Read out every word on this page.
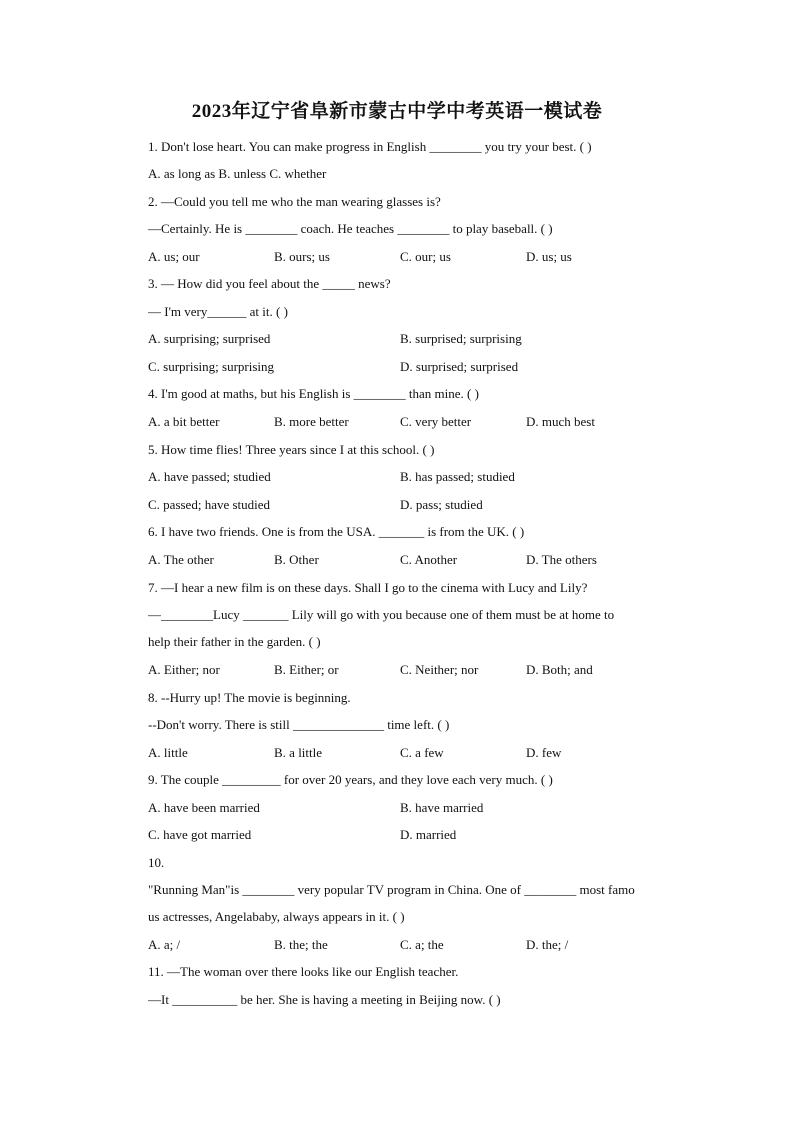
2023年辽宁省阜新市蒙古中学中考英语一模试卷
1. Don't lose heart. You can make progress in English ________ you try your best. ( )
A. as long as B. unless C. whether
2. —Could you tell me who the man wearing glasses is?
—Certainly. He is ________ coach. He teaches ________ to play baseball. ( )
3. — How did you feel about the _____ news?
— I'm very______ at it. ( )
4. I'm good at maths, but his English is ________ than mine. ( )
5. How time flies! Three years since I at this school. ( )
6. I have two friends. One is from the USA. _______ is from the UK. ( )
7. —I hear a new film is on these days. Shall I go to the cinema with Lucy and Lily?
—________Lucy _______ Lily will go with you because one of them must be at home to
help their father in the garden. ( )
8. --Hurry up! The movie is beginning.
--Don't worry. There is still ______________ time left. ( )
9. The couple _________ for over 20 years, and they love each very much. ( )
10.
"Running Man"is ________ very popular TV program in China. One of ________ most famo
us actresses, Angelababy, always appears in it. ( )
11. —The woman over there looks like our English teacher.
—It __________ be her. She is having a meeting in Beijing now. ( )
A. us; our	B. ours; us	C. our; us	D. us; us
A. surprising; surprised	B. surprised; surprising
C. surprising; surprising	D. surprised; surprised
A. a bit better	B. more better	C. very better	D. much best
A. have passed; studied	B. has passed; studied
C. passed; have studied	D. pass; studied
A. The other	B. Other	C. Another	D. The others
A. Either; nor	B. Either; or	C. Neither; nor	D. Both; and
A. little	B. a little	C. a few	D. few
A. have been married	B. have married
C. have got married	D. married
A. a; /	B. the; the	C. a; the	D. the; /
